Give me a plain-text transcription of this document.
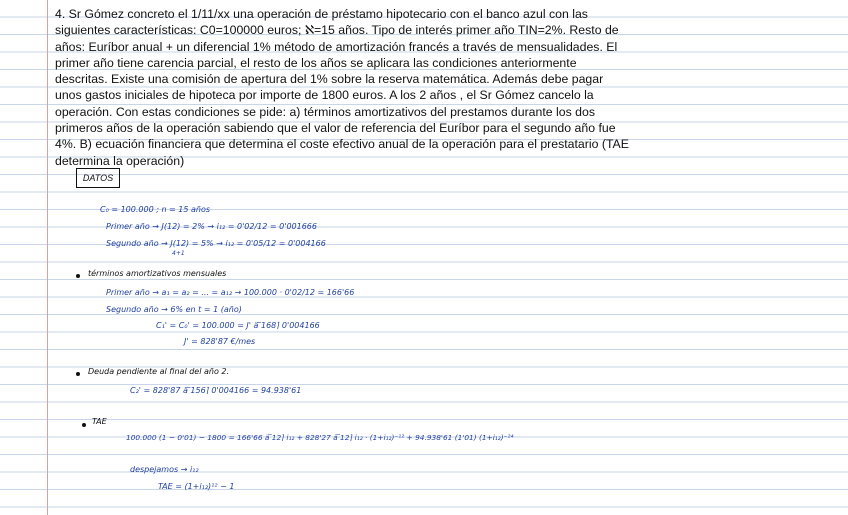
4. Sr Gómez concreto el 1/11/xx una operación de préstamo hipotecario con el banco azul con las

siguientes características: C0=100000 euros; ℵ=15 años. Tipo de interés primer año TIN=2%. Resto de

años: Euríbor anual + un diferencial 1% método de amortización francés a través de mensualidades. El

primer año tiene carencia parcial, el resto de los años se aplicara las condiciones anteriormente

descritas. Existe una comisión de apertura del 1% sobre la reserva matemática. Además debe pagar

unos gastos iniciales de hipoteca por importe de 1800 euros. A los 2 años , el Sr Gómez cancelo la

operación. Con estas condiciones se pide: a) términos amortizativos del prestamos durante los dos

primeros años de la operación sabiendo que el valor de referencia del Euríbor para el segundo año fue

4%. B) ecuación financiera que determina el coste efectivo anual de la operación para el prestatario (TAE

determina la operación)

DATOS
C₀ = 100.000 ; n = 15 años
Primer año → J(12) = 2% → i₁₂ = 0'02/12 = 0'001666
Segundo año → J(12) = 5% → i₁₂ = 0'05/12 = 0'004166
4+1
términos amortizativos mensuales
Primer año → a₁ = a₂ = ... = a₁₂ → 100.000 · 0'02/12 = 166'66
Segundo año → 6% en t = 1 (año)
C₁' = C₀' = 100.000 = J' ä ̅168⌉ 0'004166
J' = 828'87 €/mes
Deuda pendiente al final del año 2.
C₂' = 828'87 ä ̅156⌉ 0'004166 = 94.938'61
TAE
100.000 (1 − 0'01) − 1800 = 166'66 ä ̅12⌉ i₁₂ + 828'27 ä ̅12⌉ i₁₂ · (1+i₁₂)⁻¹² + 94.938'61 (1'01) (1+i₁₂)⁻²⁴
despejamos → i₁₂
TAE = (1+i₁₂)¹² − 1
